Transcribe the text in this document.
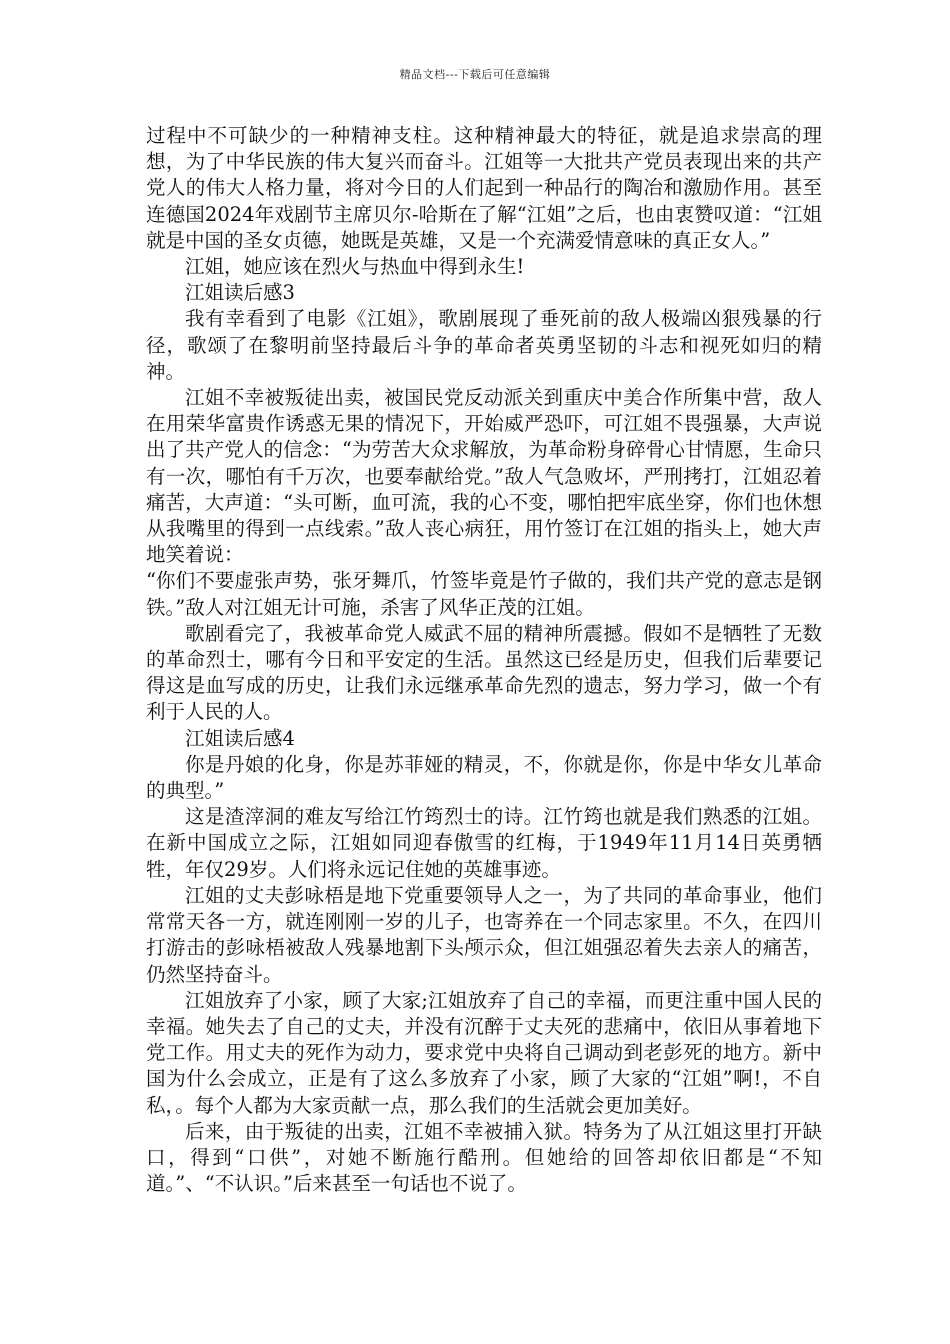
精品文档---下载后可任意编辑

过程中不可缺少的一种精神支柱。这种精神最大的特征，就是追求崇高的理想，为了中华民族的伟大复兴而奋斗。江姐等一大批共产党员表现出来的共产党人的伟大人格力量，将对今日的人们起到一种品行的陶冶和激励作用。甚至连德国2024年戏剧节主席贝尔-哈斯在了解“江姐”之后，也由衷赞叹道：“江姐就是中国的圣女贞德，她既是英雄，又是一个充满爱情意味的真正女人。”

江姐，她应该在烈火与热血中得到永生!

江姐读后感3

我有幸看到了电影《江姐》，歌剧展现了垂死前的敌人极端凶狠残暴的行径，歌颂了在黎明前坚持最后斗争的革命者英勇坚韧的斗志和视死如归的精神。

江姐不幸被叛徒出卖，被国民党反动派关到重庆中美合作所集中营，敌人在用荣华富贵作诱惑无果的情况下，开始威严恐吓，可江姐不畏强暴，大声说出了共产党人的信念：“为劳苦大众求解放，为革命粉身碎骨心甘情愿，生命只有一次，哪怕有千万次，也要奉献给党。”敌人气急败坏，严刑拷打，江姐忍着痛苦，大声道：“头可断，血可流，我的心不变，哪怕把牢底坐穿，你们也休想从我嘴里的得到一点线索。”敌人丧心病狂，用竹签订在江姐的指头上，她大声地笑着说：

“你们不要虚张声势，张牙舞爪，竹签毕竟是竹子做的，我们共产党的意志是钢铁。”敌人对江姐无计可施，杀害了风华正茂的江姐。

歌剧看完了，我被革命党人威武不屈的精神所震撼。假如不是牺牲了无数的革命烈士，哪有今日和平安定的生活。虽然这已经是历史，但我们后辈要记得这是血写成的历史，让我们永远继承革命先烈的遗志，努力学习，做一个有利于人民的人。

江姐读后感4

你是丹娘的化身，你是苏菲娅的精灵，不，你就是你，你是中华女儿革命的典型。”

这是渣滓洞的难友写给江竹筠烈士的诗。江竹筠也就是我们熟悉的江姐。在新中国成立之际，江姐如同迎春傲雪的红梅，于1949年11月14日英勇牺牲，年仅29岁。人们将永远记住她的英雄事迹。

江姐的丈夫彭咏梧是地下党重要领导人之一，为了共同的革命事业，他们常常天各一方，就连刚刚一岁的儿子，也寄养在一个同志家里。不久，在四川打游击的彭咏梧被敌人残暴地割下头颅示众，但江姐强忍着失去亲人的痛苦，仍然坚持奋斗。

江姐放弃了小家，顾了大家;江姐放弃了自己的幸福，而更注重中国人民的幸福。她失去了自己的丈夫，并没有沉醉于丈夫死的悲痛中，依旧从事着地下党工作。用丈夫的死作为动力，要求党中央将自己调动到老彭死的地方。新中国为什么会成立，正是有了这么多放弃了小家，顾了大家的“江姐”啊!，不自私，。每个人都为大家贡献一点，那么我们的生活就会更加美好。

后来，由于叛徒的出卖，江姐不幸被捕入狱。特务为了从江姐这里打开缺口，得到“口供”，对她不断施行酷刑。但她给的回答却依旧都是“不知道。”、“不认识。”后来甚至一句话也不说了。
